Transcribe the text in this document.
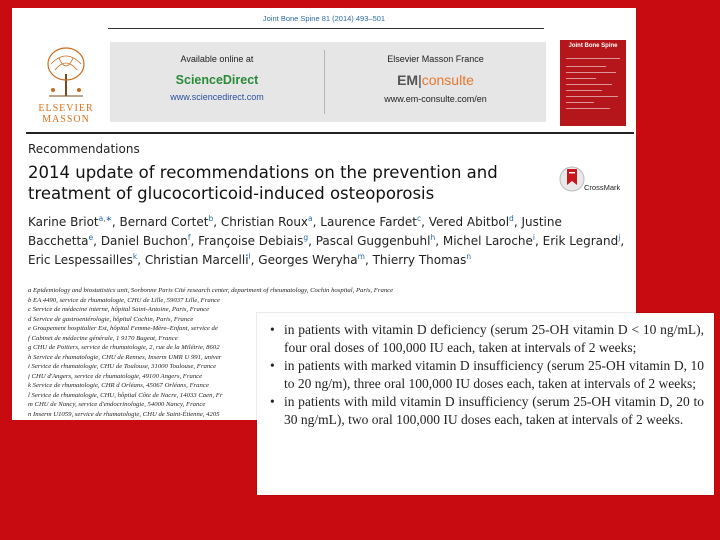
Joint Bone Spine 81 (2014) 493–501
ELSEVIER
MASSON
Available online at
ScienceDirect
www.sciencedirect.com
Elsevier Masson France
EM|consulte
www.em-consulte.com/en
Joint Bone Spine
Recommendations
2014 update of recommendations on the prevention and treatment of glucocorticoid-induced osteoporosis	CrossMark
Karine Briot$^{a,∗}$, Bernard Cortet$^b$, Christian Roux$^a$, Laurence Fardet$^c$, Vered Abitbol$^d$, Justine Bacchetta$^e$, Daniel Buchon$^f$, Françoise Debiais$^g$, Pascal Guggenbuhl$^h$, Michel Laroche$^i$, Erik Legrand$^j$, Eric Lespessailles$^k$, Christian Marcelli$^l$, Georges Weryha$^m$, Thierry Thomas$^n$
a Epidemiology and biostatistics unit, Sorbonne Paris Cité research center, department of rheumatology, Cochin hospital, Paris, France
b EA 4490, service de rhumatologie, CHU de Lille, 59037 Lille, France
c Service de médecine interne, hôpital Saint-Antoine, Paris, France
d Service de gastroentérologie, hôpital Cochin, Paris, France
e Groupement hospitalier Est, hôpital Femme-Mère–Enfant, service de
f Cabinet de médecine générale, 1 9170 Bugeat, France
g CHU de Poitiers, service de rhumatologie, 2, rue de la Milétrie, 8602
h Service de rhumatologie, CHU de Rennes, Inserm UMR U 991, univer
i Service de rhumatologie, CHU de Toulouse, 31000 Toulouse, France
j CHU d'Angers, service de rhumatologie, 49100 Angers, France
k Service de rhumatologie, CHR d Orléans, 45067 Orléans, France
l Service de rhumatologie, CHU, hôpital Côte de Nacre, 14033 Caen, Fr
m CHU de Nancy, service d'endocrinologie, 54000 Nancy, France
n Inserm U1059, service de rhumatologie, CHU de Saint-Étienne, 4205
• in patients with vitamin D deficiency (serum 25-OH vitamin D < 10 ng/mL), four oral doses of 100,000 IU each, taken at intervals of 2 weeks;
• in patients with marked vitamin D insufficiency (serum 25-OH vitamin D, 10 to 20 ng/m), three oral 100,000 IU doses each, taken at intervals of 2 weeks;
• in patients with mild vitamin D insufficiency (serum 25-OH vitamin D, 20 to 30 ng/mL), two oral 100,000 IU doses each, taken at intervals of 2 weeks.
